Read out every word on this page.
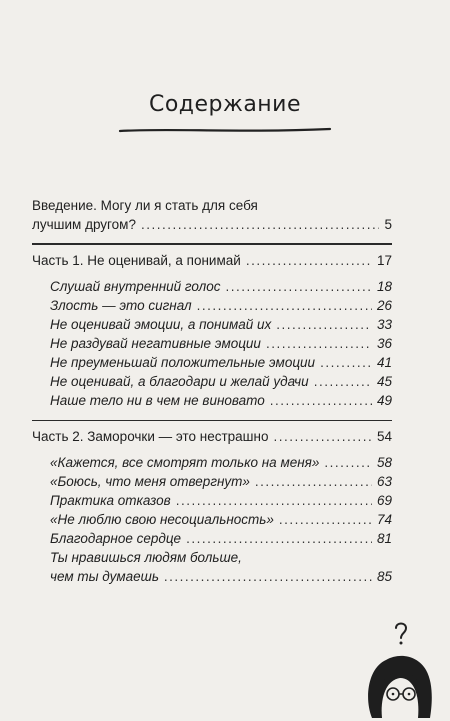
Содержание
Введение. Могу ли я стать для себя
лучшим другом? .....	5
Часть 1. Не оценивай, а понимай .....	17
Слушай внутренний голос .....	18
Злость — это сигнал .....	26
Не оценивай эмоции, а понимай их .....	33
Не раздувай негативные эмоции .....	36
Не преуменьшай положительные эмоции .....	41
Не оценивай, а благодари и желай удачи .....	45
Наше тело ни в чем не виновато .....	49
Часть 2. Заморочки — это нестрашно .....	54
«Кажется, все смотрят только на меня» .....	58
«Боюсь, что меня отвергнут» .....	63
Практика отказов .....	69
«Не люблю свою несоциальность» .....	74
Благодарное сердце .....	81
Ты нравишься людям больше,
чем ты думаешь .....	85
